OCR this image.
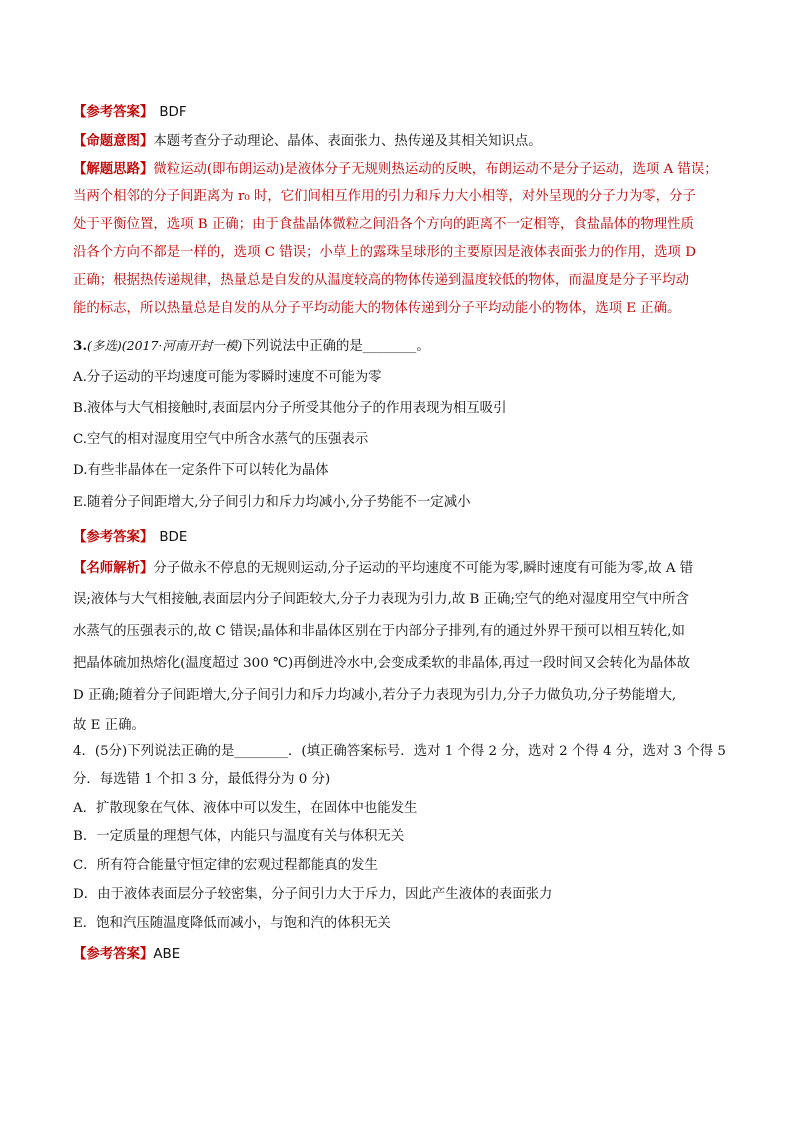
【参考答案】 BDF
【命题意图】本题考查分子动理论、晶体、表面张力、热传递及其相关知识点。
【解题思路】微粒运动(即布朗运动)是液体分子无规则热运动的反映，布朗运动不是分子运动，选项 A 错误；
当两个相邻的分子间距离为 r₀ 时，它们间相互作用的引力和斥力大小相等，对外呈现的分子力为零，分子
处于平衡位置，选项 B 正确；由于食盐晶体微粒之间沿各个方向的距离不一定相等，食盐晶体的物理性质
沿各个方向不都是一样的，选项 C 错误；小草上的露珠呈球形的主要原因是液体表面张力的作用，选项 D
正确；根据热传递规律，热量总是自发的从温度较高的物体传递到温度较低的物体，而温度是分子平均动
能的标志，所以热量总是自发的从分子平均动能大的物体传递到分子平均动能小的物体，选项 E 正确。
3.(多选)(2017·河南开封一模)下列说法中正确的是________。
A.分子运动的平均速度可能为零瞬时速度不可能为零
B.液体与大气相接触时,表面层内分子所受其他分子的作用表现为相互吸引
C.空气的相对湿度用空气中所含水蒸气的压强表示
D.有些非晶体在一定条件下可以转化为晶体
E.随着分子间距增大,分子间引力和斥力均减小,分子势能不一定减小
【参考答案】 BDE
【名师解析】分子做永不停息的无规则运动,分子运动的平均速度不可能为零,瞬时速度有可能为零,故 A 错
误;液体与大气相接触,表面层内分子间距较大,分子力表现为引力,故 B 正确;空气的绝对湿度用空气中所含
水蒸气的压强表示的,故 C 错误;晶体和非晶体区别在于内部分子排列,有的通过外界干预可以相互转化,如
把晶体硫加热熔化(温度超过 300 ℃)再倒进冷水中,会变成柔软的非晶体,再过一段时间又会转化为晶体故
D 正确;随着分子间距增大,分子间引力和斥力均减小,若分子力表现为引力,分子力做负功,分子势能增大,
故 E 正确。
4．(5分)下列说法正确的是________．(填正确答案标号．选对 1 个得 2 分，选对 2 个得 4 分，选对 3 个得 5
分．每选错 1 个扣 3 分，最低得分为 0 分)
A．扩散现象在气体、液体中可以发生，在固体中也能发生
B．一定质量的理想气体，内能只与温度有关与体积无关
C．所有符合能量守恒定律的宏观过程都能真的发生
D．由于液体表面层分子较密集，分子间引力大于斥力，因此产生液体的表面张力
E．饱和汽压随温度降低而减小，与饱和汽的体积无关
【参考答案】ABE
